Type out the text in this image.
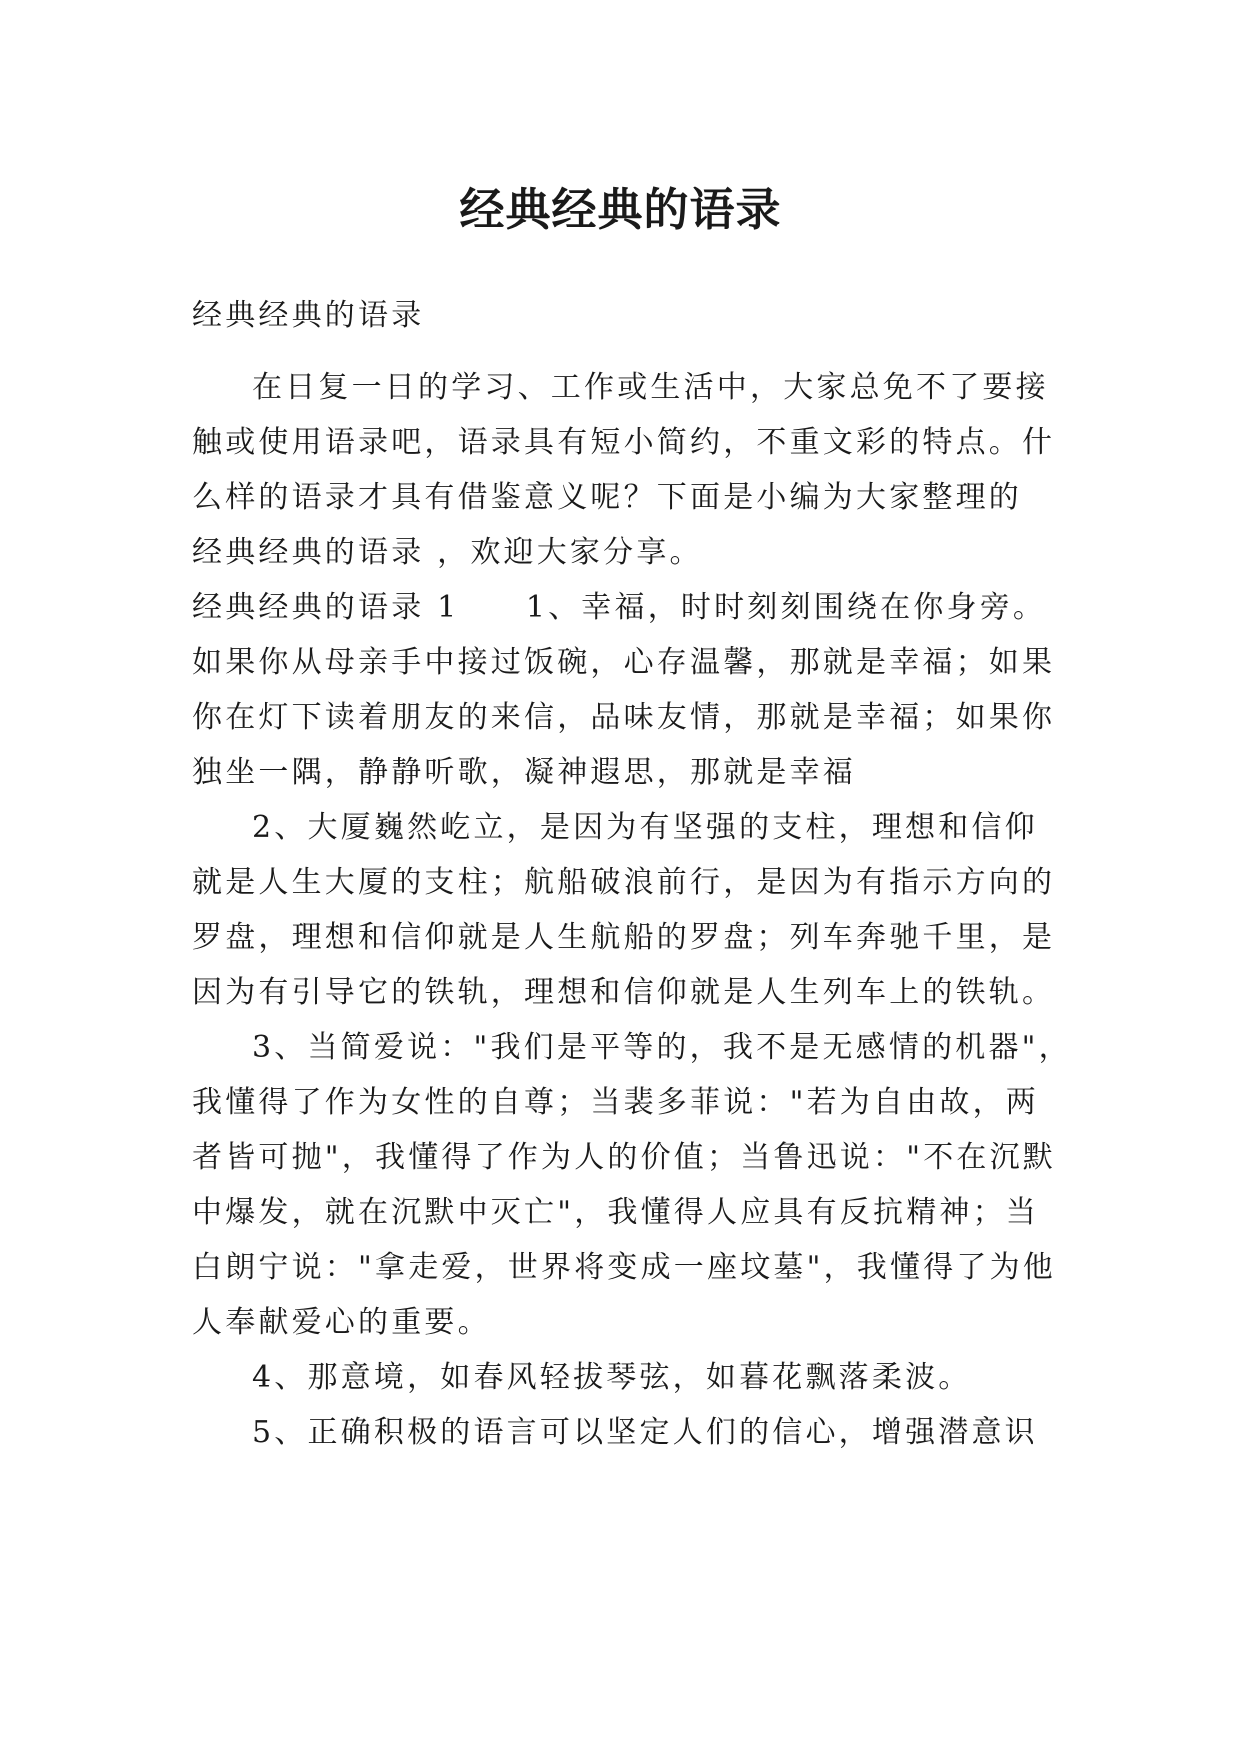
经典经典的语录

经典经典的语录

在日复一日的学习、工作或生活中，大家总免不了要接

触或使用语录吧，语录具有短小简约，不重文彩的特点。什

么样的语录才具有借鉴意义呢？下面是小编为大家整理的

经典经典的语录 ，欢迎大家分享。

经典经典的语录 1　　1、幸福，时时刻刻围绕在你身旁。

如果你从母亲手中接过饭碗，心存温馨，那就是幸福；如果

你在灯下读着朋友的来信，品味友情，那就是幸福；如果你

独坐一隅，静静听歌，凝神遐思，那就是幸福

2、大厦巍然屹立，是因为有坚强的支柱，理想和信仰

就是人生大厦的支柱；航船破浪前行，是因为有指示方向的

罗盘，理想和信仰就是人生航船的罗盘；列车奔驰千里，是

因为有引导它的铁轨，理想和信仰就是人生列车上的铁轨。

3、当简爱说："我们是平等的，我不是无感情的机器"，

我懂得了作为女性的自尊；当裴多菲说："若为自由故，两

者皆可抛"，我懂得了作为人的价值；当鲁迅说："不在沉默

中爆发，就在沉默中灭亡"，我懂得人应具有反抗精神；当

白朗宁说："拿走爱，世界将变成一座坟墓"，我懂得了为他

人奉献爱心的重要。

4、那意境，如春风轻拔琴弦，如暮花飘落柔波。

5、正确积极的语言可以坚定人们的信心，增强潜意识
